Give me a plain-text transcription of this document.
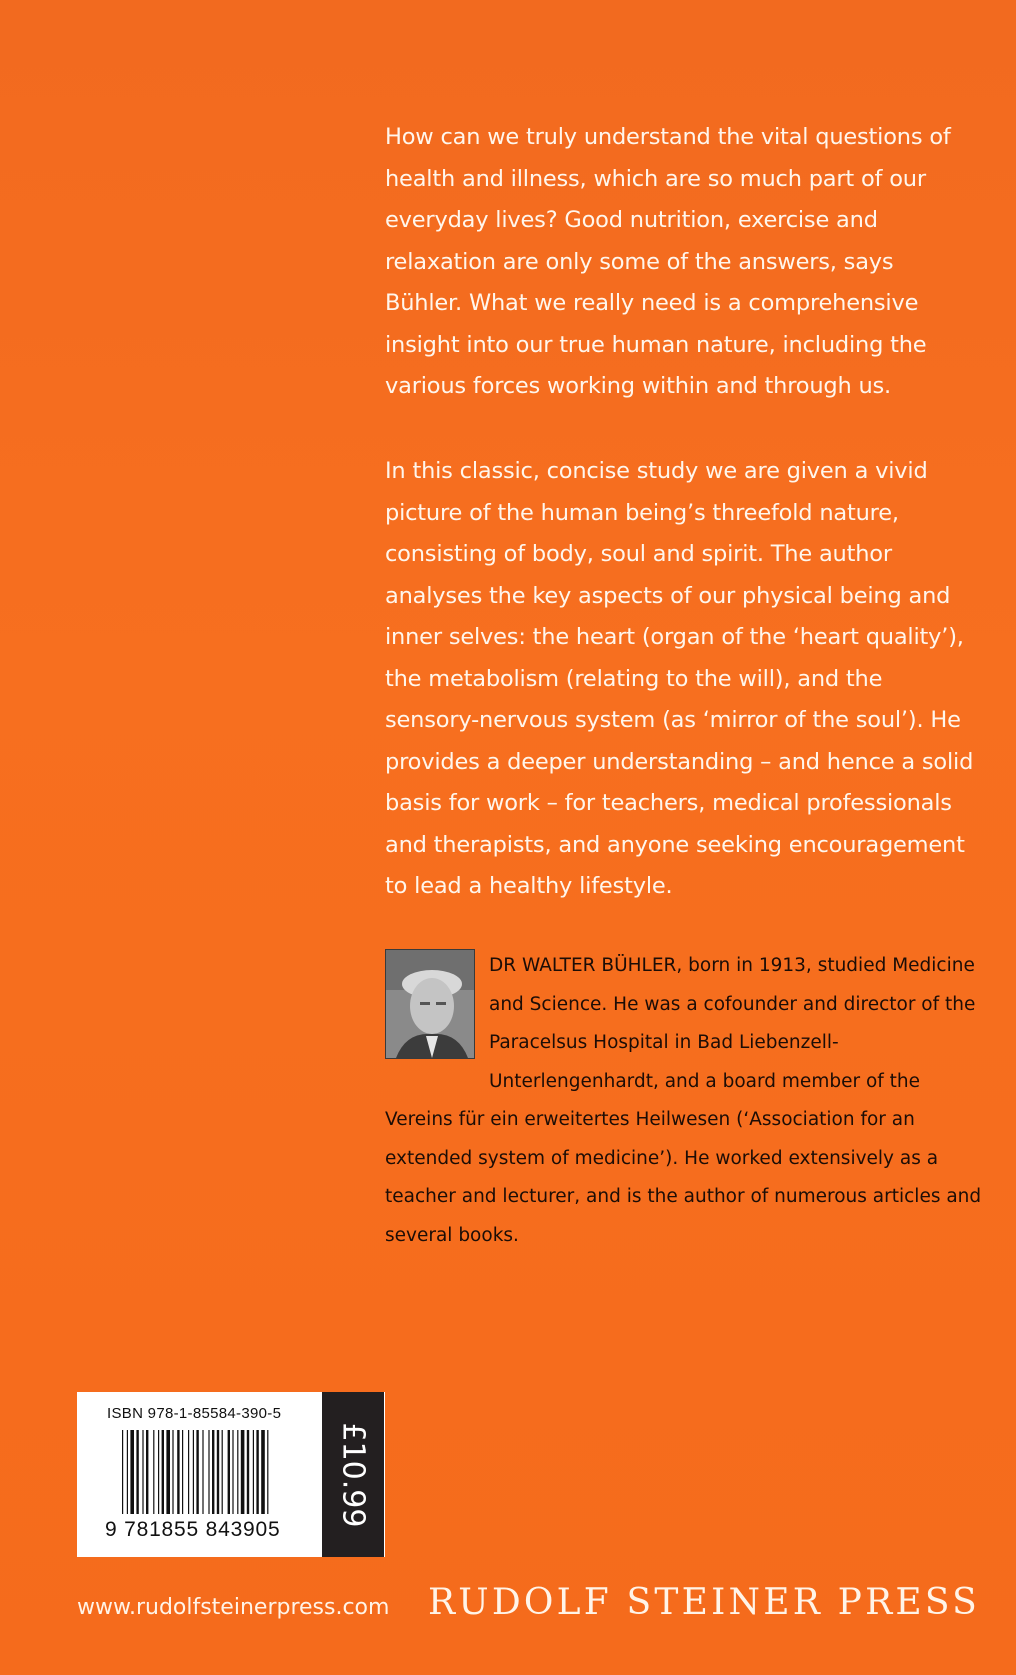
How can we truly understand the vital questions of health and illness, which are so much part of our everyday lives? Good nutrition, exercise and relaxation are only some of the answers, says Bühler. What we really need is a comprehensive insight into our true human nature, including the various forces working within and through us.

In this classic, concise study we are given a vivid picture of the human being’s threefold nature, consisting of body, soul and spirit. The author analyses the key aspects of our physical being and inner selves: the heart (organ of the ‘heart quality’), the metabolism (relating to the will), and the sensory-nervous system (as ‘mirror of the soul’). He provides a deeper understanding – and hence a solid basis for work – for teachers, medical professionals and therapists, and anyone seeking encouragement to lead a healthy lifestyle.

DR WALTER BÜHLER, born in 1913, studied Medicine and Science. He was a cofounder and director of the Paracelsus Hospital in Bad Liebenzell-Unterlengenhardt, and a board member of the Vereins für ein erweitertes Heilwesen (‘Association for an extended system of medicine’). He worked extensively as a teacher and lecturer, and is the author of numerous articles and several books.
ISBN 978-1-85584-390-5
9 781855 843905
£10.99
www.rudolfsteinerpress.com RUDOLF STEINER PRESS
